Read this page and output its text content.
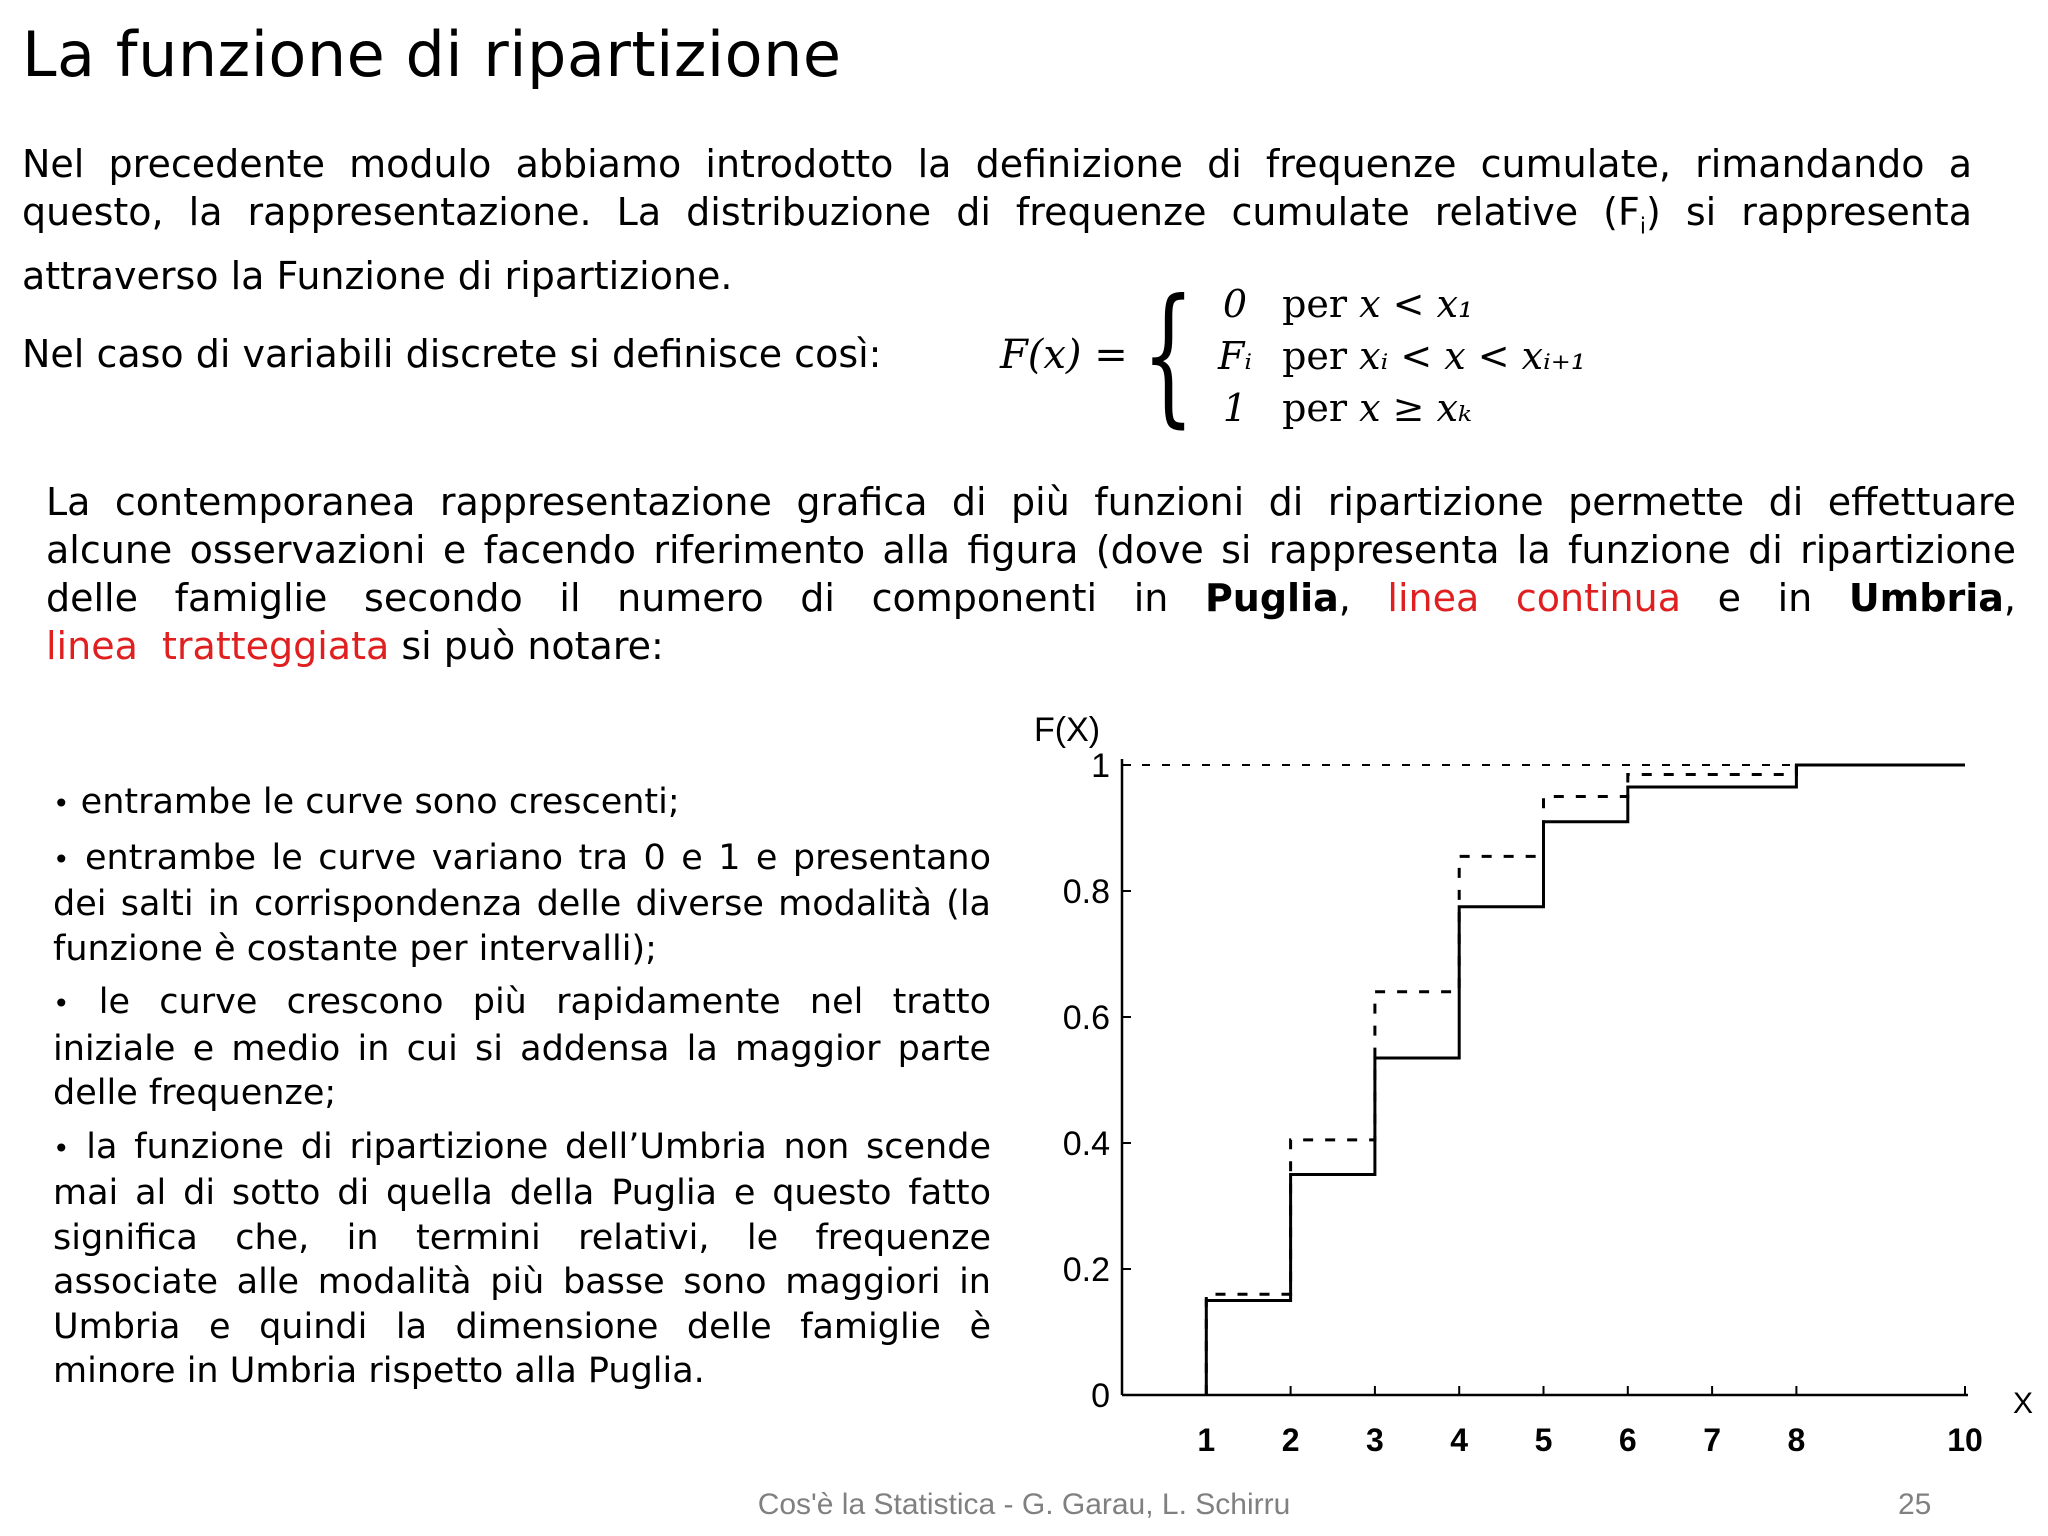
La funzione di ripartizione

Nel precedente modulo abbiamo introdotto la definizione di frequenze cumulate, rimandando a questo, la rappresentazione. La distribuzione di frequenze cumulate relative $(F_i)$ si rappresenta attraverso la Funzione di ripartizione.

Nel caso di variabili discrete si definisce così:	F(x) = { 0 per x < x₁
Fᵢ per xᵢ < x < xᵢ₊₁
1 per x ≥ xₖ

La contemporanea rappresentazione grafica di più funzioni di ripartizione permette di effettuare alcune osservazioni e facendo riferimento alla figura (dove si rappresenta la funzione di ripartizione delle famiglie secondo il numero di componenti in Puglia, linea continua e in Umbria, linea  tratteggiata si può notare:

• entrambe le curve sono crescenti;
• entrambe le curve variano tra 0 e 1 e presentano dei salti in corrispondenza delle diverse modalità (la funzione è costante per intervalli);
• le curve crescono più rapidamente nel tratto iniziale e medio in cui si addensa la maggior parte delle frequenze;
• la funzione di ripartizione dell’Umbria non scende mai al di sotto di quella della Puglia e questo fatto significa che, in termini relativi, le frequenze associate alle modalità più basse sono maggiori in Umbria e quindi la dimensione delle famiglie è minore in Umbria rispetto alla Puglia.
0
0.2
0.4
0.6
0.8
1
1 2 3 4 5 6 7 8	10
F(X)
X
Cos'è la Statistica - G. Garau, L. Schirru	25
